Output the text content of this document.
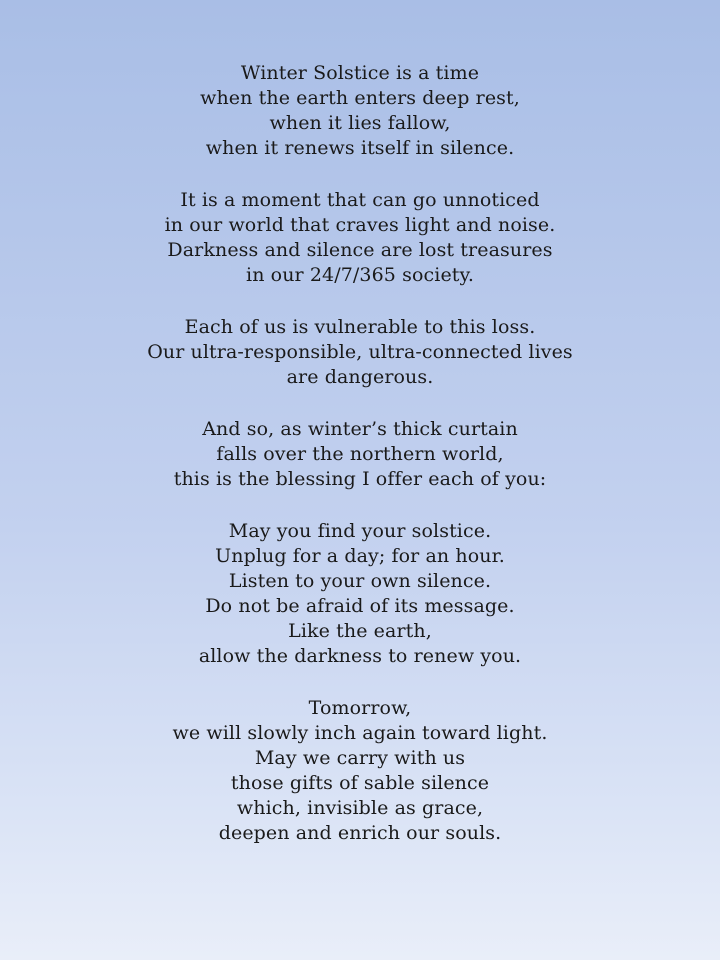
Winter Solstice is a time
when the earth enters deep rest,
when it lies fallow,
when it renews itself in silence.
It is a moment that can go unnoticed
in our world that craves light and noise.
Darkness and silence are lost treasures
in our 24/7/365 society.
Each of us is vulnerable to this loss.
Our ultra-responsible, ultra-connected lives
are dangerous.
And so, as winter’s thick curtain
falls over the northern world,
this is the blessing I offer each of you:
May you find your solstice.
Unplug for a day; for an hour.
Listen to your own silence.
Do not be afraid of its message.
Like the earth,
allow the darkness to renew you.
Tomorrow,
we will slowly inch again toward light.
May we carry with us
those gifts of sable silence
which, invisible as grace,
deepen and enrich our souls.
